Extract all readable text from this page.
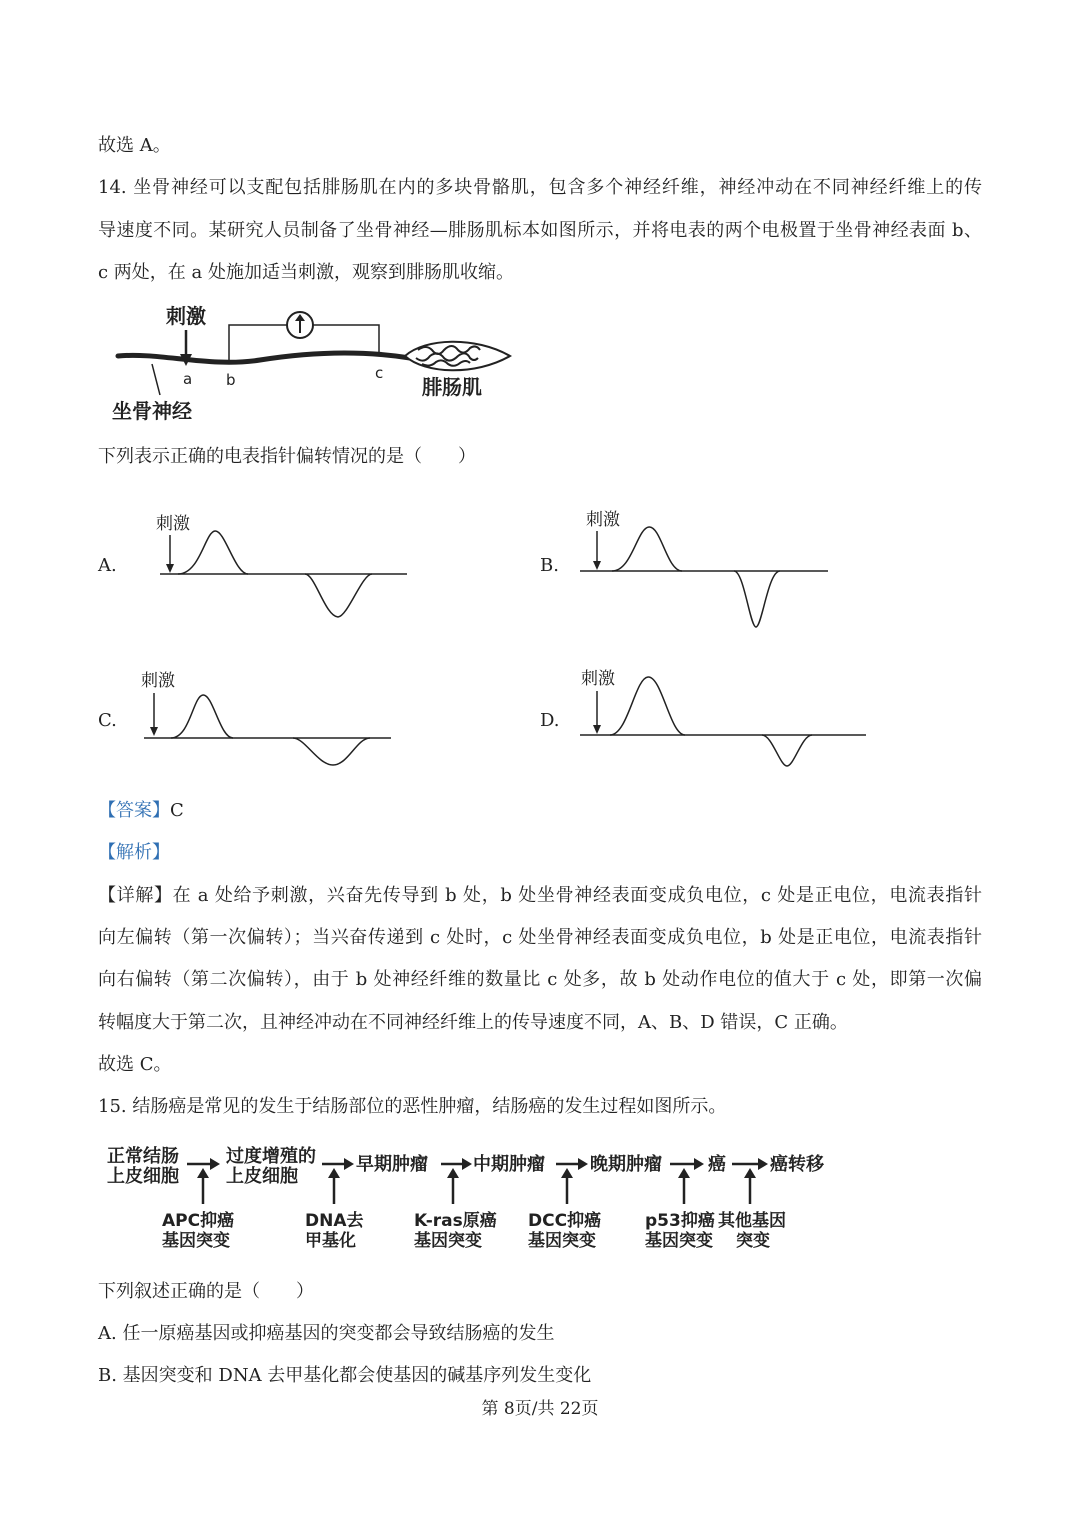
故选 A。
14. 坐骨神经可以支配包括腓肠肌在内的多块骨骼肌，包含多个神经纤维，神经冲动在不同神经纤维上的传
导速度不同。某研究人员制备了坐骨神经—腓肠肌标本如图所示，并将电表的两个电极置于坐骨神经表面 b、
c 两处，在 a 处施加适当刺激，观察到腓肠肌收缩。
刺激
a b	c
腓肠肌
坐骨神经
下列表示正确的电表指针偏转情况的是（　　）
A.
刺激
B.
刺激
C.
刺激
D.
刺激
【答案】C
【解析】
【详解】在 a 处给予刺激，兴奋先传导到 b 处，b 处坐骨神经表面变成负电位，c 处是正电位，电流表指针
向左偏转（第一次偏转）；当兴奋传递到 c 处时，c 处坐骨神经表面变成负电位，b 处是正电位，电流表指针
向右偏转（第二次偏转），由于 b 处神经纤维的数量比 c 处多，故 b 处动作电位的值大于 c 处，即第一次偏
转幅度大于第二次，且神经冲动在不同神经纤维上的传导速度不同，A、B、D 错误，C 正确。
故选 C。
15. 结肠癌是常见的发生于结肠部位的恶性肿瘤，结肠癌的发生过程如图所示。
正常结肠
上皮细胞
过度增殖的
上皮细胞
早期肿瘤	中期肿瘤	晚期肿瘤	癌 癌转移
APC抑癌
基因突变
DNA去
甲基化
K-ras原癌
基因突变
DCC抑癌
基因突变
p53抑癌
基因突变
其他基因
突变
下列叙述正确的是（　　）
A. 任一原癌基因或抑癌基因的突变都会导致结肠癌的发生
B. 基因突变和 DNA 去甲基化都会使基因的碱基序列发生变化
第 8页/共 22页
